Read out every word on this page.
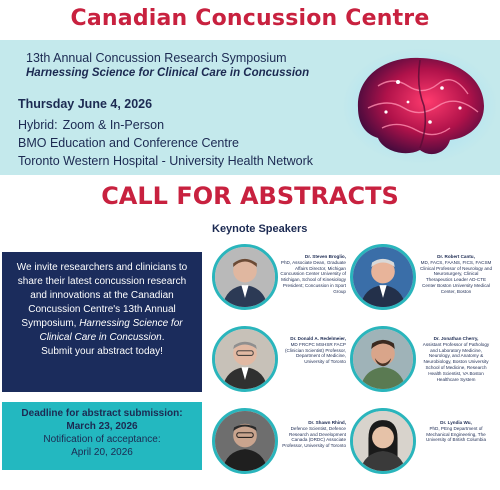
Canadian Concussion Centre
13th Annual Concussion Research Symposium
Harnessing Science for Clinical Care in Concussion
Thursday June 4, 2026
Hybrid: Zoom & In-Person
BMO Education and Conference Centre
Toronto Western Hospital - University Health Network
CALL FOR ABSTRACTS
Keynote Speakers
We invite researchers and clinicians to share their latest concussion research and innovations at the Canadian Concussion Centre's 13th Annual Symposium, Harnessing Science for Clinical Care in Concussion.
Submit your abstract today!
Deadline for abstract submission:
March 23, 2026
Notification of acceptance:
April 20, 2026
Dr. Steven Broglio,
PhD, Associate Dean, Graduate Affairs Director, Michigan Concussion Center University of Michigan, School of Kinesiology President; Concussion in Sport Group
Dr. Robert Cantu,
MD, FACS, FAANS, FICS, FACSM Clinical Professor of Neurology and Neurosurgery, Clinical Therapeutics Leader AD-CTE Center Boston University Medical Center, Boston
Dr. Donald A. Redelmeier,
MD FRCPC MSHSR FACP (Clinician Scientist) Professor, Department of Medicine, University of Toronto
Dr. Jonathan Cherry,
Assistant Professor of Pathology and Laboratory Medicine, Neurology, and Anatomy & Neurobiology, Boston University School of Medicine, Research Health Scientist, VA Boston Healthcare System
Dr. Shawn Rhind,
Defence Scientist, Defence Research and Development Canada (DRDC) Associate Professor, University of Toronto
Dr. Lyndia Wu,
PhD, PEng Department of Mechanical Engineering, The University of British Columbia
